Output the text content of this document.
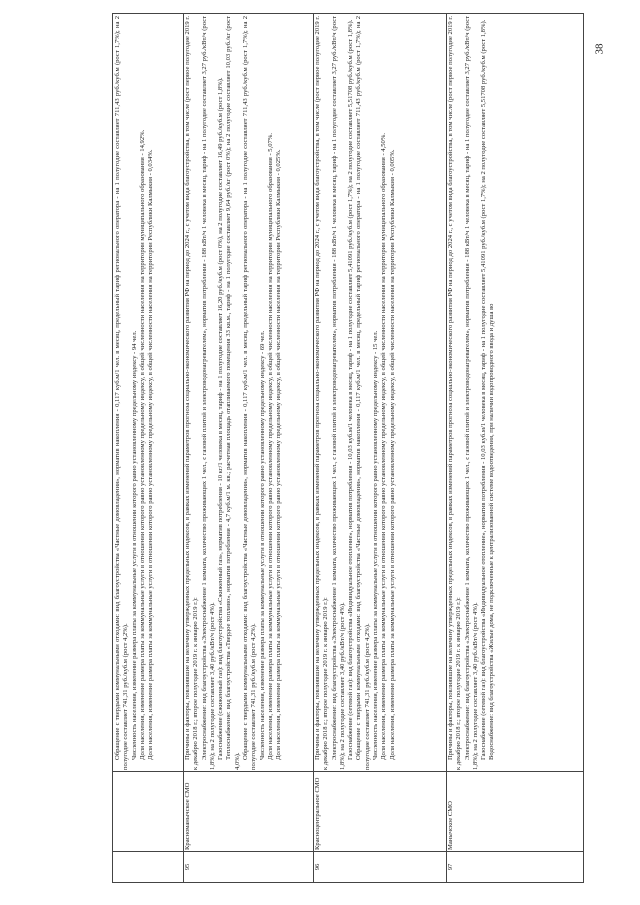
38

Обращение с твердыми коммунальными отходами: вид благоустройства «Частные домовладения», норматив накопления - 0,117 куб.м/1 чел. в месяц, предельный тариф регионального оператора - на 1 полугодие составляет 711,43 руб./куб.м (рост 1,7%); на 2 полугодие составляет 741,31 руб./куб.м (рост 4,2%). Численность населения, изменение размера платы за коммунальные услуги в отношении которого равно установленному предельному индексу - 94 чел. Доля населения, изменение размера платы за коммунальные услуги в отношении которого равно установленному предельному индексу, в общей численности населения на территории муниципального образования - 14,92%. Доля населения, изменение размера платы за коммунальные услуги в отношении которого равно установленному предельному индексу, в общей численности населения на территории Республики Калмыкия - 0,034%.

95
Красноманычское СМО

Причины и факторы, повлиявшие на величину утвержденных предельных индексов, в рамках изменений параметров прогноза социально-экономического развития РФ на период до 2024 г., с учетом вида благоустройства, в том числе (рост первое полугодие 2019 г. к декабрю 2018 г.; второе полугодие 2019 г. к январю 2019 г.): Электроснабжение: вид благоустройства «Электроснабжение 1 комната, количество проживающих 1 чел., с газовой плитой и электроводонагревателем», норматив потребления - 188 кВт/ч 1 человека в месяц, тариф - на 1 полугодие составляет 3,27 руб./кВт/ч (рост 1,8%); на 2 полугодие составляет 3,40 руб./кВт/ч (рост 4%). Газоснабжение (сжиженный газ): вид благоустройства «Сжиженный газ», норматив потребления - 10 кг/1 человека в месяц, тариф - на 1 полугодие составляет 16,20 руб./куб.м (рост 0%), на 2 полугодие составляет 16,49 руб./куб.м (рост 1,8%). Теплоснабжение: вид благоустройства «Твердое топливо», норматив потребления - 4,7 куб.м/1 м. кв.; расчетная площадь отапливаемого помещения 33 кв.м., тариф - на 1 полугодие составляет 9,64 руб./кг (рост 0%); на 2 полугодие составляет 10,03 руб./кг (рост 4,0%).

Обращение с твердыми коммунальными отходами: вид благоустройства «Частные домовладения», норматив накопления - 0,117 куб.м/1 чел. в месяц, предельный тариф регионального оператора - на 1 полугодие составляет 711,43 руб./куб.м (рост 1,7%); на 2 полугодие составляет 741,31 руб./куб.м (рост 4,2%). Численность населения, изменение размера платы за коммунальные услуги в отношении которого равно установленному предельному индексу - 69 чел. Доля населения, изменение размера платы за коммунальные услуги в отношении которого равно установленному предельному индексу, в общей численности населения на территории муниципального образования - 5,07%. Доля населения, изменение размера платы за коммунальные услуги в отношении которого равно установленному предельному индексу, в общей численности населения на территории Республики Калмыкия - 0,025%.

96
Красноцентральное СМО

Причины и факторы, повлиявшие на величину утвержденных предельных индексов, в рамках изменений параметров прогноза социально-экономического развития РФ на период до 2024 г., с учетом вида благоустройства, в том числе (рост первое полугодие 2019 г. к декабрю 2018 г.; второе полугодие 2019 г. к январю 2019 г.): Электроснабжение: вид благоустройства «Электроснабжение 1 комната, количество проживающих 1 чел., с газовой плитой и электроводонагревателем», норматив потребления - 188 кВт/ч 1 человека в месяц, тариф - на 1 полугодие составляет 3,27 руб./кВт/ч (рост 1,8%); на 2 полугодие составляет 3,40 руб./кВт/ч (рост 4%). Газоснабжение (сетевой газ): вид благоустройства «Индивидуальное отопление», норматив потребления - 10,03 куб.м/1 человека в месяц, тариф - на 1 полугодие составляет 5,41091 руб./куб.м (рост 1,7%); на 2 полугодие составляет 5,51708 руб./куб.м (рост 1,8%). Обращение с твердыми коммунальными отходами: вид благоустройства «Частные домовладения», норматив накопления - 0,117 куб.м/1 чел. в месяц, предельный тариф регионального оператора - на 1 полугодие составляет 711,43 руб./куб.м (рост 1,7%); на 2 полугодие составляет 741,31 руб./куб.м (рост 4,2%). Численность населения, изменение размера платы за коммунальные услуги в отношении которого равно установленному предельному индексу - 15 чел. Доля населения, изменение размера платы за коммунальные услуги в отношении которого равно установленному предельному индексу, в общей численности населения на территории муниципального образования - 4,50%. Доля населения, изменение размера платы за коммунальные услуги в отношении которого равно установленному предельному индексу, в общей численности населения на территории Республики Калмыкия - 0,005%.

97
Манычское СМО

Причины и факторы, повлиявшие на величину утвержденных предельных индексов, в рамках изменений параметров прогноза социально-экономического развития РФ на период до 2024 г., с учетом вида благоустройства, в том числе (рост первое полугодие 2019 г. к декабрю 2018 г.; второе полугодие 2019 г. к январю 2019 г.): Электроснабжение: вид благоустройства «Электроснабжение 1 комната, количество проживающих 1 чел., с газовой плитой и электроводонагревателем», норматив потребления - 188 кВт/ч 1 человека в месяц, тариф - на 1 полугодие составляет 3,27 руб./кВт/ч (рост 1,8%); на 2 полугодие составляет 3,40 руб./кВт/ч (рост 4%). Газоснабжение (сетевой газ): вид благоустройства «Индивидуальное отопление», норматив потребления - 10,03 куб.м/1 человека в месяц, тариф - на 1 полугодие составляет 5,41091 руб./куб.м (рост 1,7%); на 2 полугодие составляет 5,51708 руб./куб.м (рост 1,8%). Водоснабжение: вид благоустройства «Жилые дома, не подключенные к централизованной системе водоотведения, при наличии водопроводного ввода и душа во
